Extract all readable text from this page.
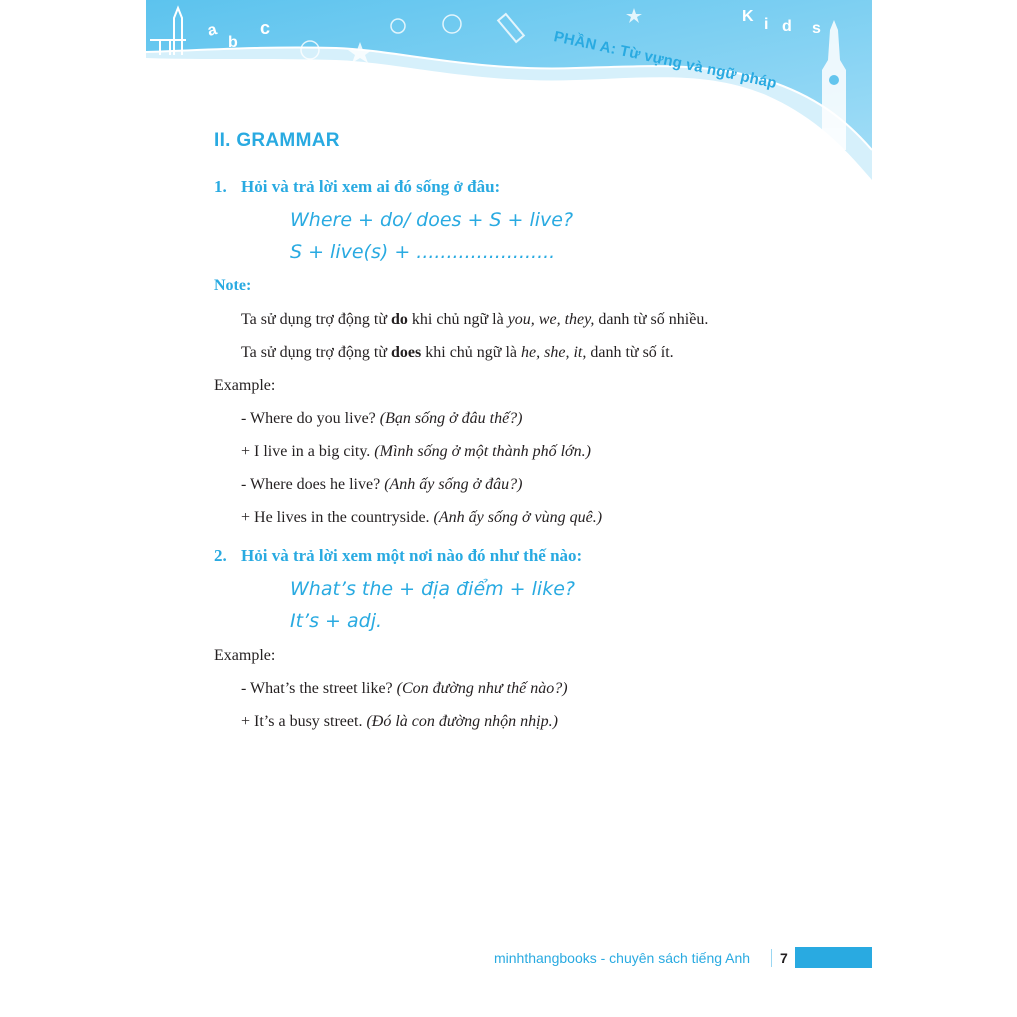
a
b
c
K i d s
PHẦN A: Từ vựng và ngữ pháp
II. GRAMMAR
1. Hỏi và trả lời xem ai đó sống ở đâu:
Where + do/ does + S + live?
S + live(s) + .......................
Note:
Ta sử dụng trợ động từ do khi chủ ngữ là you, we, they, danh từ số nhiều.
Ta sử dụng trợ động từ does khi chủ ngữ là he, she, it, danh từ số ít.
Example:
- Where do you live? (Bạn sống ở đâu thế?)
+ I live in a big city. (Mình sống ở một thành phố lớn.)
- Where does he live? (Anh ấy sống ở đâu?)
+ He lives in the countryside. (Anh ấy sống ở vùng quê.)
2. Hỏi và trả lời xem một nơi nào đó như thế nào:
What’s the + địa điểm + like?
It’s + adj.
Example:
- What’s the street like? (Con đường như thế nào?)
+ It’s a busy street. (Đó là con đường nhộn nhịp.)
minhthangbooks - chuyên sách tiếng Anh 7
